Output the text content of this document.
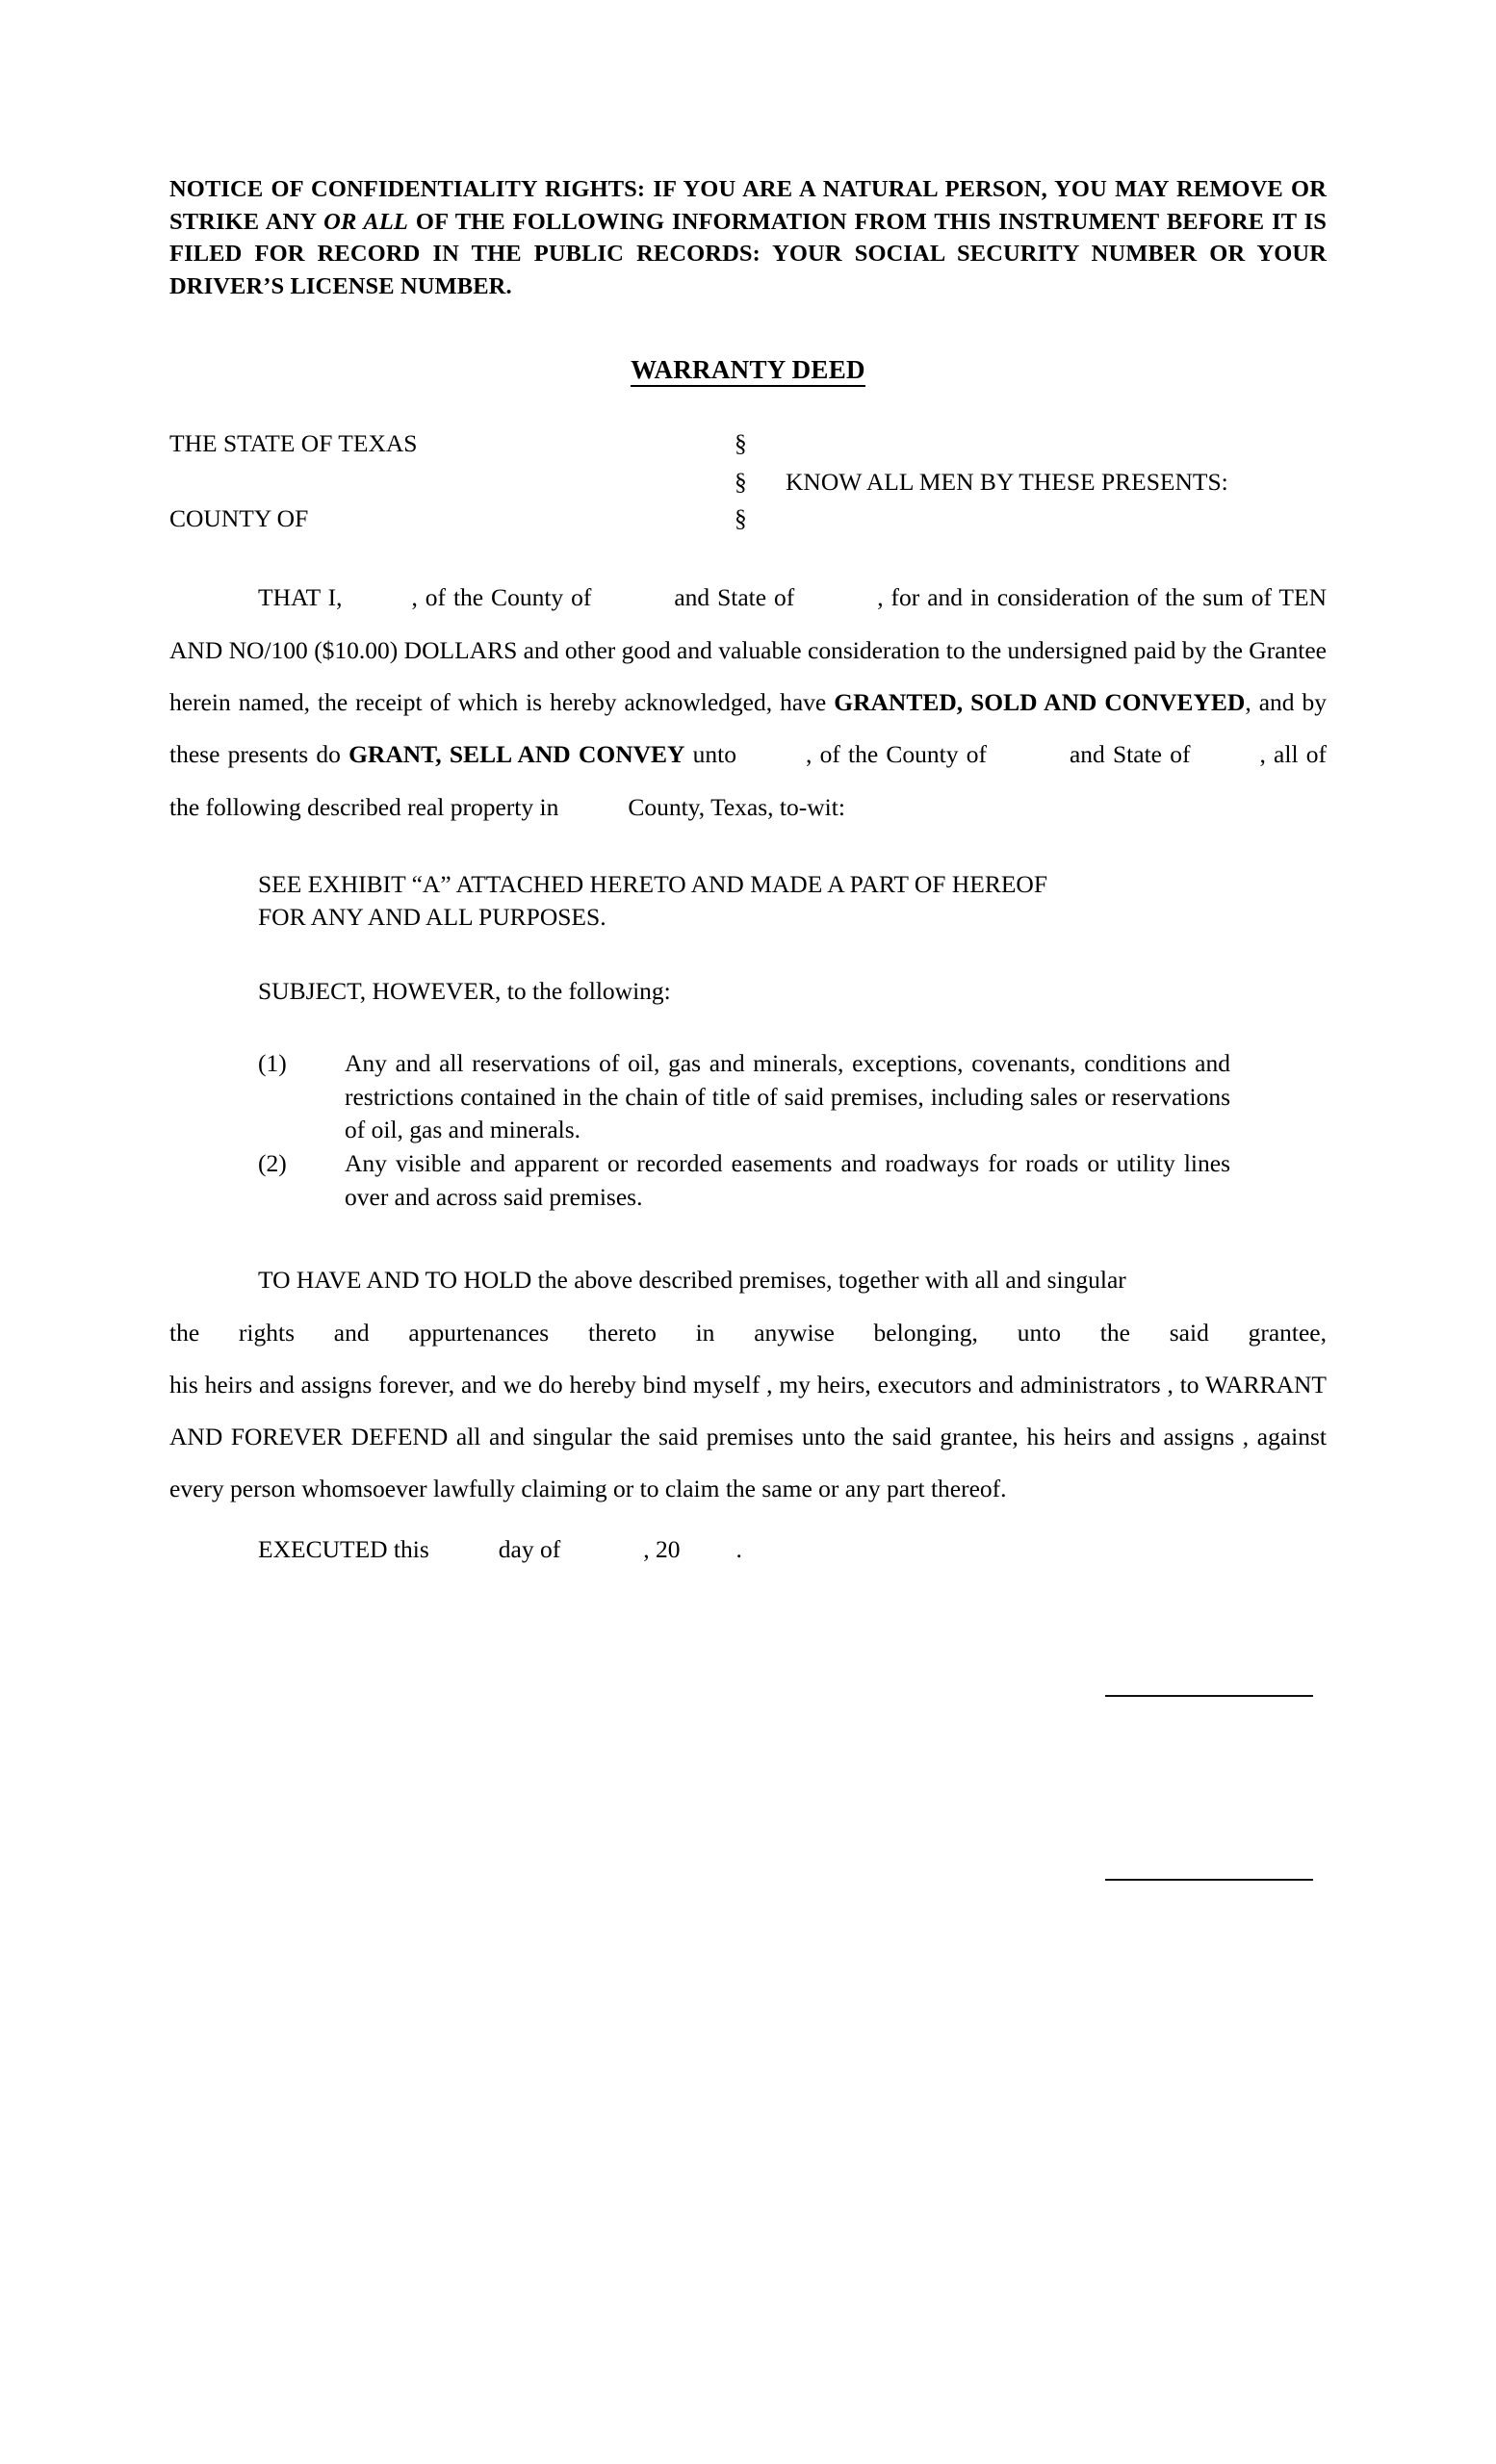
NOTICE OF CONFIDENTIALITY RIGHTS: IF YOU ARE A NATURAL PERSON, YOU MAY REMOVE OR STRIKE ANY OR ALL OF THE FOLLOWING INFORMATION FROM THIS INSTRUMENT BEFORE IT IS FILED FOR RECORD IN THE PUBLIC RECORDS: YOUR SOCIAL SECURITY NUMBER OR YOUR DRIVER’S LICENSE NUMBER.
WARRANTY DEED
THE STATE OF TEXAS	§
§ KNOW ALL MEN BY THESE PRESENTS:
COUNTY OF	§
THAT I,	, of the County of	and State of	, for and in consideration of the sum of TEN AND NO/100 ($10.00) DOLLARS and other good and valuable consideration to the undersigned paid by the Grantee herein named, the receipt of which is hereby acknowledged, have GRANTED, SOLD AND CONVEYED, and by these presents do GRANT, SELL AND CONVEY unto	, of the County of	and State of	, all of the following described real property in	County, Texas, to-wit:
SEE EXHIBIT “A” ATTACHED HERETO AND MADE A PART OF HEREOF
FOR ANY AND ALL PURPOSES.
SUBJECT, HOWEVER, to the following:
(1)	Any and all reservations of oil, gas and minerals, exceptions, covenants, conditions and restrictions contained in the chain of title of said premises, including sales or reservations of oil, gas and minerals.
(2)	Any visible and apparent or recorded easements and roadways for roads or utility lines over and across said premises.
TO HAVE AND TO HOLD the above described premises, together with all and singular
the rights and appurtenances thereto in anywise belonging, unto the said grantee,
his heirs and assigns forever, and we do hereby bind myself , my heirs, executors and administrators , to WARRANT AND FOREVER DEFEND all and singular the said premises unto the said grantee, his heirs and assigns , against every person whomsoever lawfully claiming or to claim the same or any part thereof.
EXECUTED this	day of	, 20 .
